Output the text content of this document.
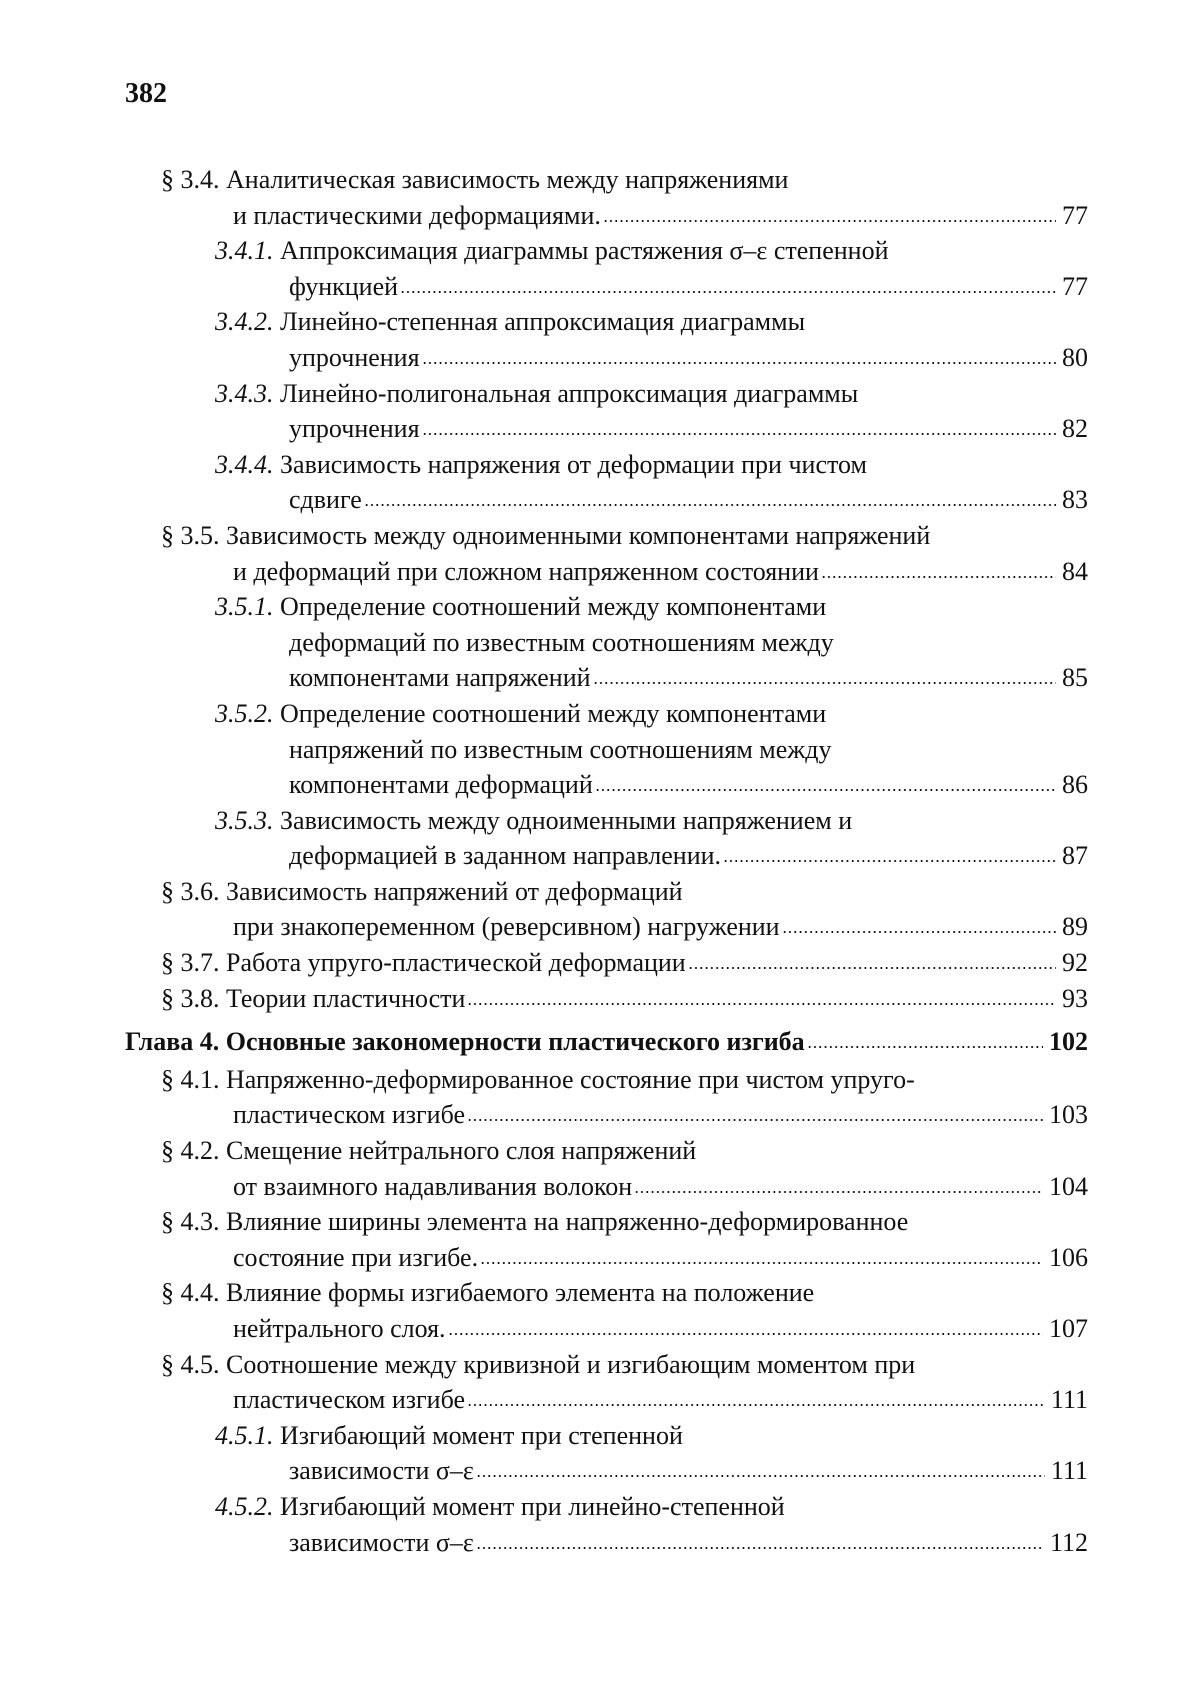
382
§ 3.4. Аналитическая зависимость между напряжениями
и пластическими деформациями.	77
3.4.1. Аппроксимация диаграммы растяжения σ–ε степенной
функцией	77
3.4.2. Линейно-степенная аппроксимация диаграммы
упрочнения	80
3.4.3. Линейно-полигональная аппроксимация диаграммы
упрочнения	82
3.4.4. Зависимость напряжения от деформации при чистом
сдвиге	83
§ 3.5. Зависимость между одноименными компонентами напряжений
и деформаций при сложном напряженном состоянии	84
3.5.1. Определение соотношений между компонентами
деформаций по известным соотношениям между
компонентами напряжений	85
3.5.2. Определение соотношений между компонентами
напряжений по известным соотношениям между
компонентами деформаций	86
3.5.3. Зависимость между одноименными напряжением и
деформацией в заданном направлении.	87
§ 3.6. Зависимость напряжений от деформаций
при знакопеременном (реверсивном) нагружении	89
§ 3.7. Работа упруго-пластической деформации	92
§ 3.8. Теории пластичности	93
Глава 4. Основные закономерности пластического изгиба	102
§ 4.1. Напряженно-деформированное состояние при чистом упруго-
пластическом изгибе	103
§ 4.2. Смещение нейтрального слоя напряжений
от взаимного надавливания волокон	104
§ 4.3. Влияние ширины элемента на напряженно-деформированное
состояние при изгибе.	106
§ 4.4. Влияние формы изгибаемого элемента на положение
нейтрального слоя.	107
§ 4.5. Соотношение между кривизной и изгибающим моментом при
пластическом изгибе	111
4.5.1. Изгибающий момент при степенной
зависимости σ–ε	111
4.5.2. Изгибающий момент при линейно-степенной
зависимости σ–ε	112
